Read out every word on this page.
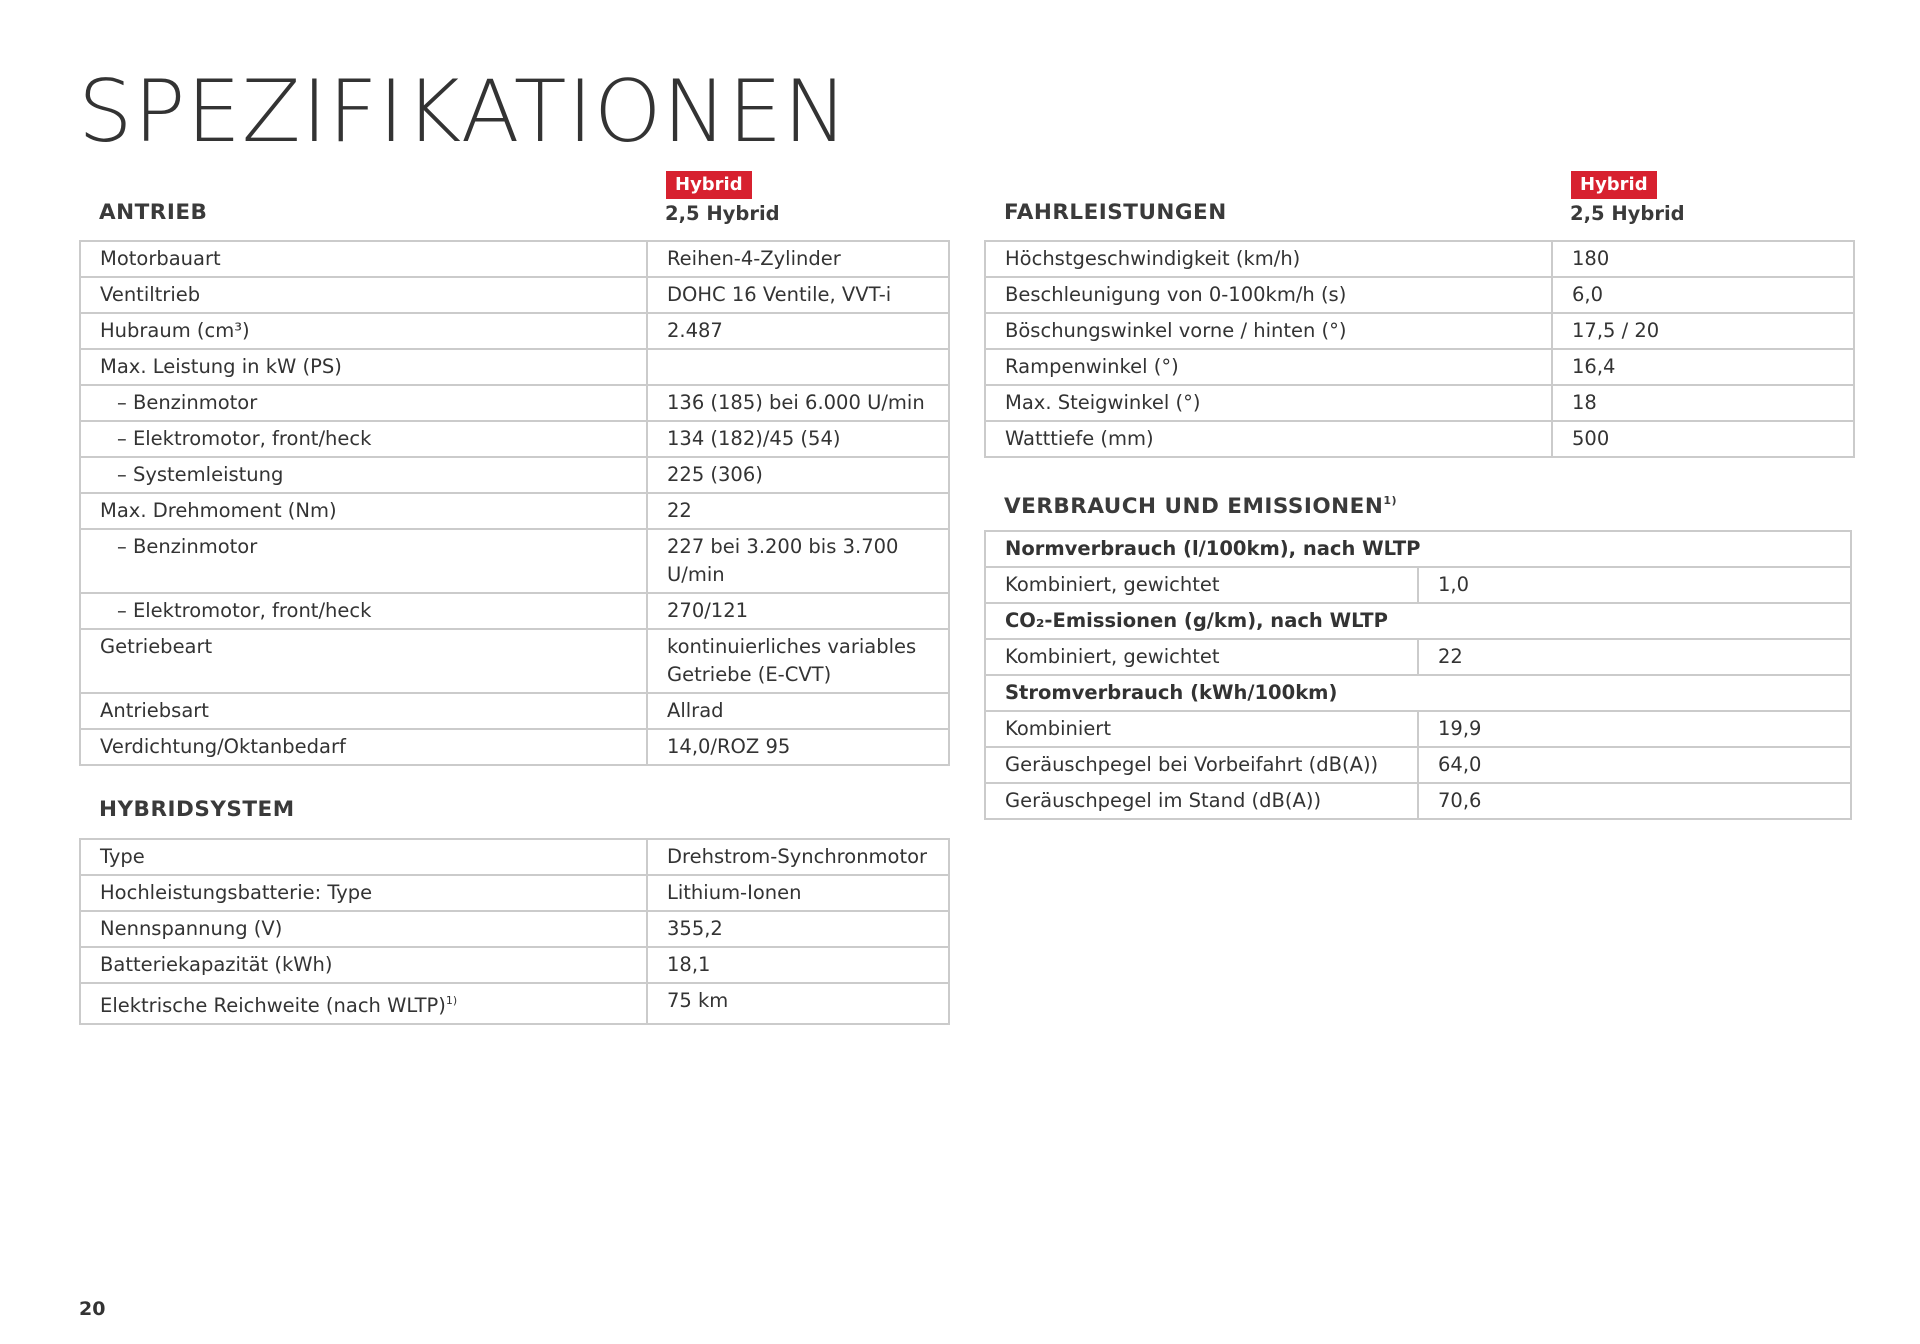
SPEZIFIKATIONEN
ANTRIEB
Hybrid
2,5 Hybrid
Motorbauart	Reihen-4-Zylinder
Ventiltrieb	DOHC 16 Ventile, VVT-i
Hubraum (cm³)	2.487
Max. Leistung in kW (PS)	
– Benzinmotor	136 (185) bei 6.000 U/min
– Elektromotor, front/heck	134 (182)/45 (54)
– Systemleistung	225 (306)
Max. Drehmoment (Nm)	22
– Benzinmotor	227 bei 3.200 bis 3.700 U/min
– Elektromotor, front/heck	270/121
Getriebeart	kontinuierliches variables Getriebe (E-CVT)
Antriebsart	Allrad
Verdichtung/Oktanbedarf	14,0/ROZ 95
HYBRIDSYSTEM
Type	Drehstrom-Synchronmotor
Hochleistungsbatterie: Type	Lithium-Ionen
Nennspannung (V)	355,2
Batteriekapazität (kWh)	18,1
Elektrische Reichweite (nach WLTP)$^{1)}$	75 km
FAHRLEISTUNGEN
Hybrid
2,5 Hybrid
Höchstgeschwindigkeit (km/h)	180
Beschleunigung von 0-100km/h (s)	6,0
Böschungswinkel vorne / hinten (°)	17,5 / 20
Rampenwinkel (°)	16,4
Max. Steigwinkel (°)	18
Watttiefe (mm)	500
VERBRAUCH UND EMISSIONEN$^{1)}$
Normverbrauch (l/100km), nach WLTP	
Kombiniert, gewichtet	1,0
CO₂-Emissionen (g/km), nach WLTP	
Kombiniert, gewichtet	22
Stromverbrauch (kWh/100km)	
Kombiniert	19,9
Geräuschpegel bei Vorbeifahrt (dB(A))	64,0
Geräuschpegel im Stand (dB(A))	70,6
20
